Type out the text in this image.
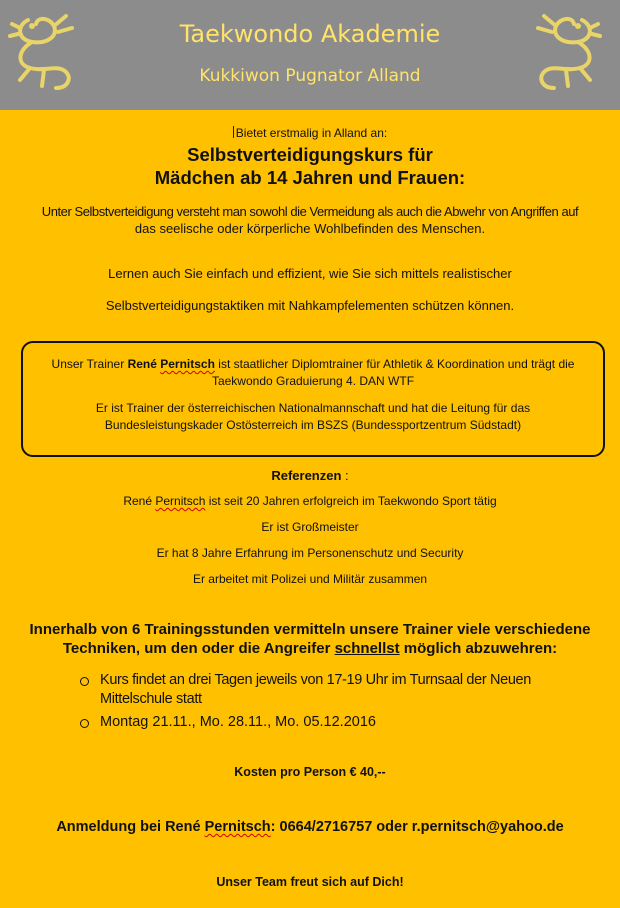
Taekwondo Akademie
Kukkiwon Pugnator Alland
Bietet erstmalig in Alland an:
Selbstverteidigungskurs für
Mädchen ab 14 Jahren und Frauen:
Unter Selbstverteidigung versteht man sowohl die Vermeidung als auch die Abwehr von Angriffen auf
das seelische oder körperliche Wohlbefinden des Menschen.
Lernen auch Sie einfach und effizient, wie Sie sich mittels realistischer
Selbstverteidigungstaktiken mit Nahkampfelementen schützen können.

Unser Trainer René Pernitsch ist staatlicher Diplomtrainer für Athletik & Koordination und trägt die
Taekwondo Graduierung 4. DAN WTF

Er ist Trainer der österreichischen Nationalmannschaft und hat die Leitung für das
Bundesleistungskader Ostösterreich im BSZS (Bundessportzentrum Südstadt)

Referenzen :
René Pernitsch ist seit 20 Jahren erfolgreich im Taekwondo Sport tätig
Er ist Großmeister
Er hat 8 Jahre Erfahrung im Personenschutz und Security
Er arbeitet mit Polizei und Militär zusammen
Innerhalb von 6 Trainingsstunden vermitteln unsere Trainer viele verschiedene
Techniken, um den oder die Angreifer schnellst möglich abzuwehren:
Kurs findet an drei Tagen jeweils von 17-19 Uhr im Turnsaal der Neuen
Mittelschule statt
Montag 21.11., Mo. 28.11., Mo. 05.12.2016
Kosten pro Person € 40,--
Anmeldung bei René Pernitsch: 0664/2716757 oder r.pernitsch@yahoo.de
Unser Team freut sich auf Dich!
